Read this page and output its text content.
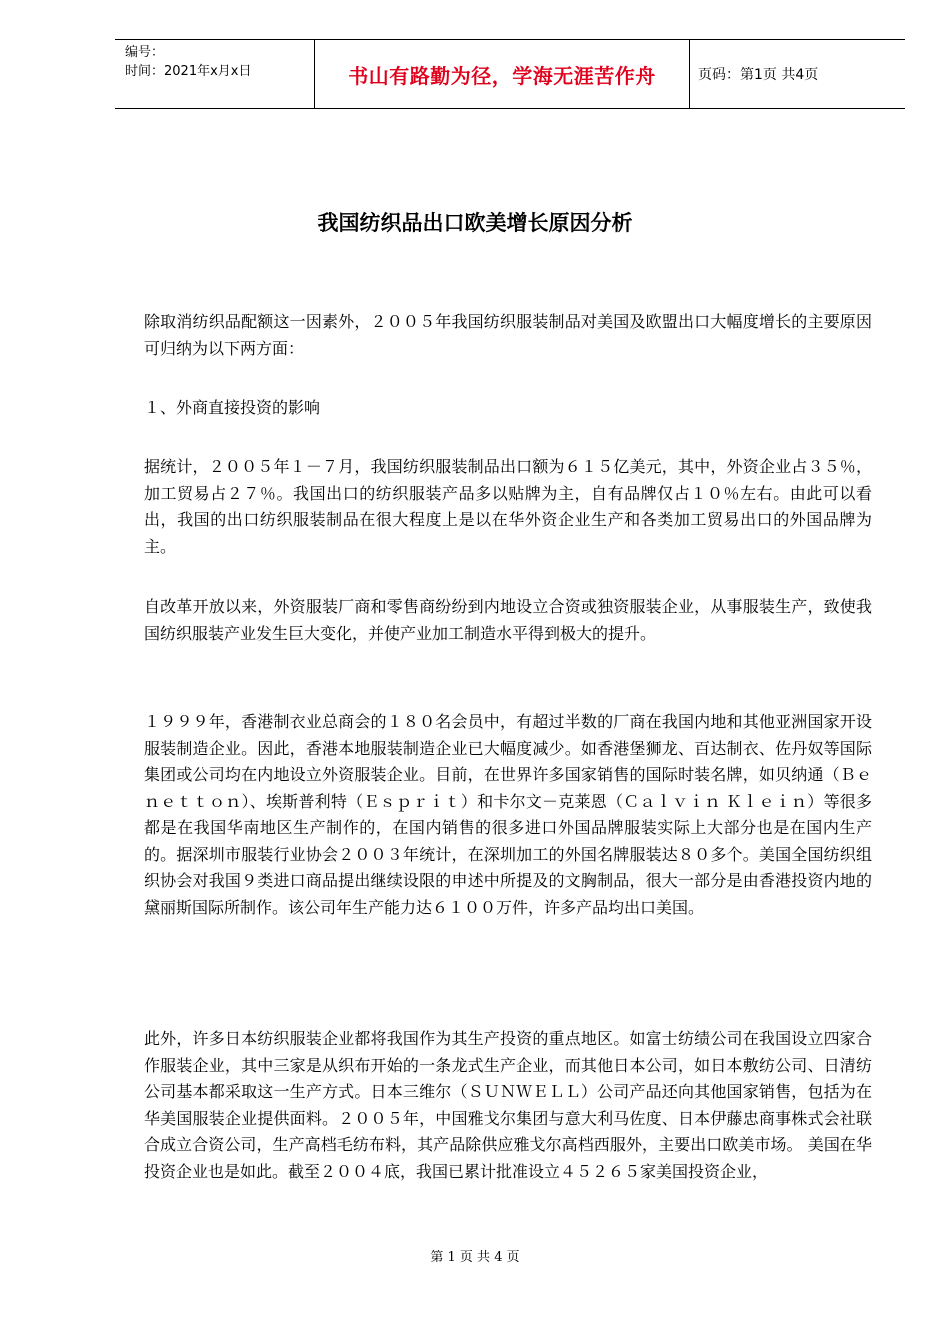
编号：
时间：2021年x月x日	书山有路勤为径，学海无涯苦作舟	页码：第1页 共4页
我国纺织品出口欧美增长原因分析

除取消纺织品配额这一因素外，２００５年我国纺织服装制品对美国及欧盟出口大幅度增长的主要原因可归纳为以下两方面：

１、外商直接投资的影响

据统计，２００５年１－７月，我国纺织服装制品出口额为６１５亿美元，其中，外资企业占３５％，加工贸易占２７％。我国出口的纺织服装产品多以贴牌为主，自有品牌仅占１０％左右。由此可以看出，我国的出口纺织服装制品在很大程度上是以在华外资企业生产和各类加工贸易出口的外国品牌为主。

自改革开放以来，外资服装厂商和零售商纷纷到内地设立合资或独资服装企业，从事服装生产，致使我国纺织服装产业发生巨大变化，并使产业加工制造水平得到极大的提升。

１９９９年，香港制衣业总商会的１８０名会员中，有超过半数的厂商在我国内地和其他亚洲国家开设服装制造企业。因此，香港本地服装制造企业已大幅度减少。如香港堡狮龙、百达制衣、佐丹奴等国际集团或公司均在内地设立外资服装企业。目前，在世界许多国家销售的国际时装名牌，如贝纳通（Ｂｅｎｅｔｔｏｎ）、埃斯普利特（Ｅｓｐｒｉｔ）和卡尔文－克莱恩（Ｃａｌｖｉｎ Ｋｌｅｉｎ）等很多都是在我国华南地区生产制作的，在国内销售的很多进口外国品牌服装实际上大部分也是在国内生产的。据深圳市服装行业协会２００３年统计，在深圳加工的外国名牌服装达８０多个。美国全国纺织组织协会对我国９类进口商品提出继续设限的申述中所提及的文胸制品，很大一部分是由香港投资内地的黛丽斯国际所制作。该公司年生产能力达６１００万件，许多产品均出口美国。

此外，许多日本纺织服装企业都将我国作为其生产投资的重点地区。如富士纺绩公司在我国设立四家合作服装企业，其中三家是从织布开始的一条龙式生产企业，而其他日本公司，如日本敷纺公司、日清纺公司基本都采取这一生产方式。日本三维尔（ＳＵＮＷＥＬＬ）公司产品还向其他国家销售，包括为在华美国服装企业提供面料。２００５年，中国雅戈尔集团与意大利马佐度、日本伊藤忠商事株式会社联合成立合资公司，生产高档毛纺布料，其产品除供应雅戈尔高档西服外，主要出口欧美市场。 美国在华投资企业也是如此。截至２００４底，我国已累计批准设立４５２６５家美国投资企业，

第 1 页 共 4 页
